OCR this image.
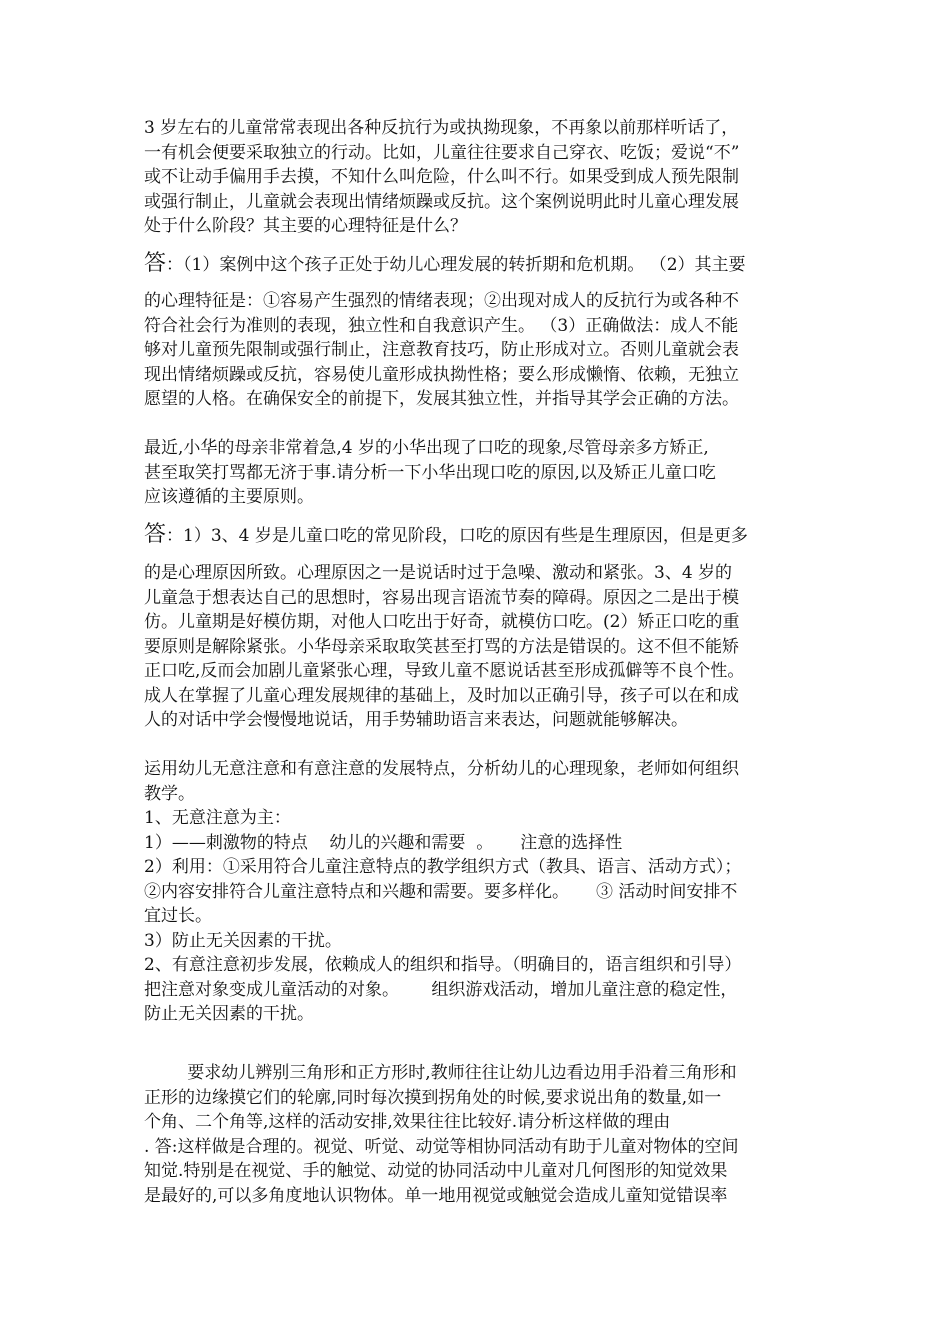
3 岁左右的儿童常常表现出各种反抗行为或执拗现象，不再象以前那样听话了，
一有机会便要采取独立的行动。比如，儿童往往要求自己穿衣、吃饭；爱说“不”
或不让动手偏用手去摸，不知什么叫危险，什么叫不行。如果受到成人预先限制
或强行制止，儿童就会表现出情绪烦躁或反抗。这个案例说明此时儿童心理发展
处于什么阶段？其主要的心理特征是什么？
答：（1）案例中这个孩子正处于幼儿心理发展的转折期和危机期。 （2）其主要
的心理特征是：①容易产生强烈的情绪表现；②出现对成人的反抗行为或各种不
符合社会行为准则的表现，独立性和自我意识产生。 （3）正确做法：成人不能
够对儿童预先限制或强行制止，注意教育技巧，防止形成对立。否则儿童就会表
现出情绪烦躁或反抗，容易使儿童形成执拗性格；要么形成懒惰、依赖，无独立
愿望的人格。在确保安全的前提下，发展其独立性，并指导其学会正确的方法。
最近,小华的母亲非常着急,4 岁的小华出现了口吃的现象,尽管母亲多方矫正,
甚至取笑打骂都无济于事.请分析一下小华出现口吃的原因,以及矫正儿童口吃
应该遵循的主要原则。
答：1）3、4 岁是儿童口吃的常见阶段，口吃的原因有些是生理原因，但是更多
的是心理原因所致。心理原因之一是说话时过于急噪、激动和紧张。3、4 岁的
儿童急于想表达自己的思想时，容易出现言语流节奏的障碍。原因之二是出于模
仿。儿童期是好模仿期，对他人口吃出于好奇，就模仿口吃。(2）矫正口吃的重
要原则是解除紧张。小华母亲采取取笑甚至打骂的方法是错误的。这不但不能矫
正口吃,反而会加剧儿童紧张心理，导致儿童不愿说话甚至形成孤僻等不良个性。
成人在掌握了儿童心理发展规律的基础上，及时加以正确引导，孩子可以在和成
人的对话中学会慢慢地说话，用手势辅助语言来表达，问题就能够解决。
运用幼儿无意注意和有意注意的发展特点，分析幼儿的心理现象，老师如何组织
教学。
1、无意注意为主：
1）——刺激物的特点    幼儿的兴趣和需要  。     注意的选择性
2）利用：①采用符合儿童注意特点的教学组织方式（教具、语言、活动方式）；
②内容安排符合儿童注意特点和兴趣和需要。要多样化。     ③ 活动时间安排不
宜过长。
3）防止无关因素的干扰。
2、有意注意初步发展，依赖成人的组织和指导。（明确目的，语言组织和引导）
把注意对象变成儿童活动的对象。      组织游戏活动，增加儿童注意的稳定性，
防止无关因素的干扰。
要求幼儿辨别三角形和正方形时,教师往往让幼儿边看边用手沿着三角形和
正形的边缘摸它们的轮廓,同时每次摸到拐角处的时候,要求说出角的数量,如一
个角、二个角等,这样的活动安排,效果往往比较好.请分析这样做的理由
. 答:这样做是合理的。视觉、听觉、动觉等相协同活动有助于儿童对物体的空间
知觉.特别是在视觉、手的触觉、动觉的协同活动中儿童对几何图形的知觉效果
是最好的,可以多角度地认识物体。单一地用视觉或触觉会造成儿童知觉错误率
